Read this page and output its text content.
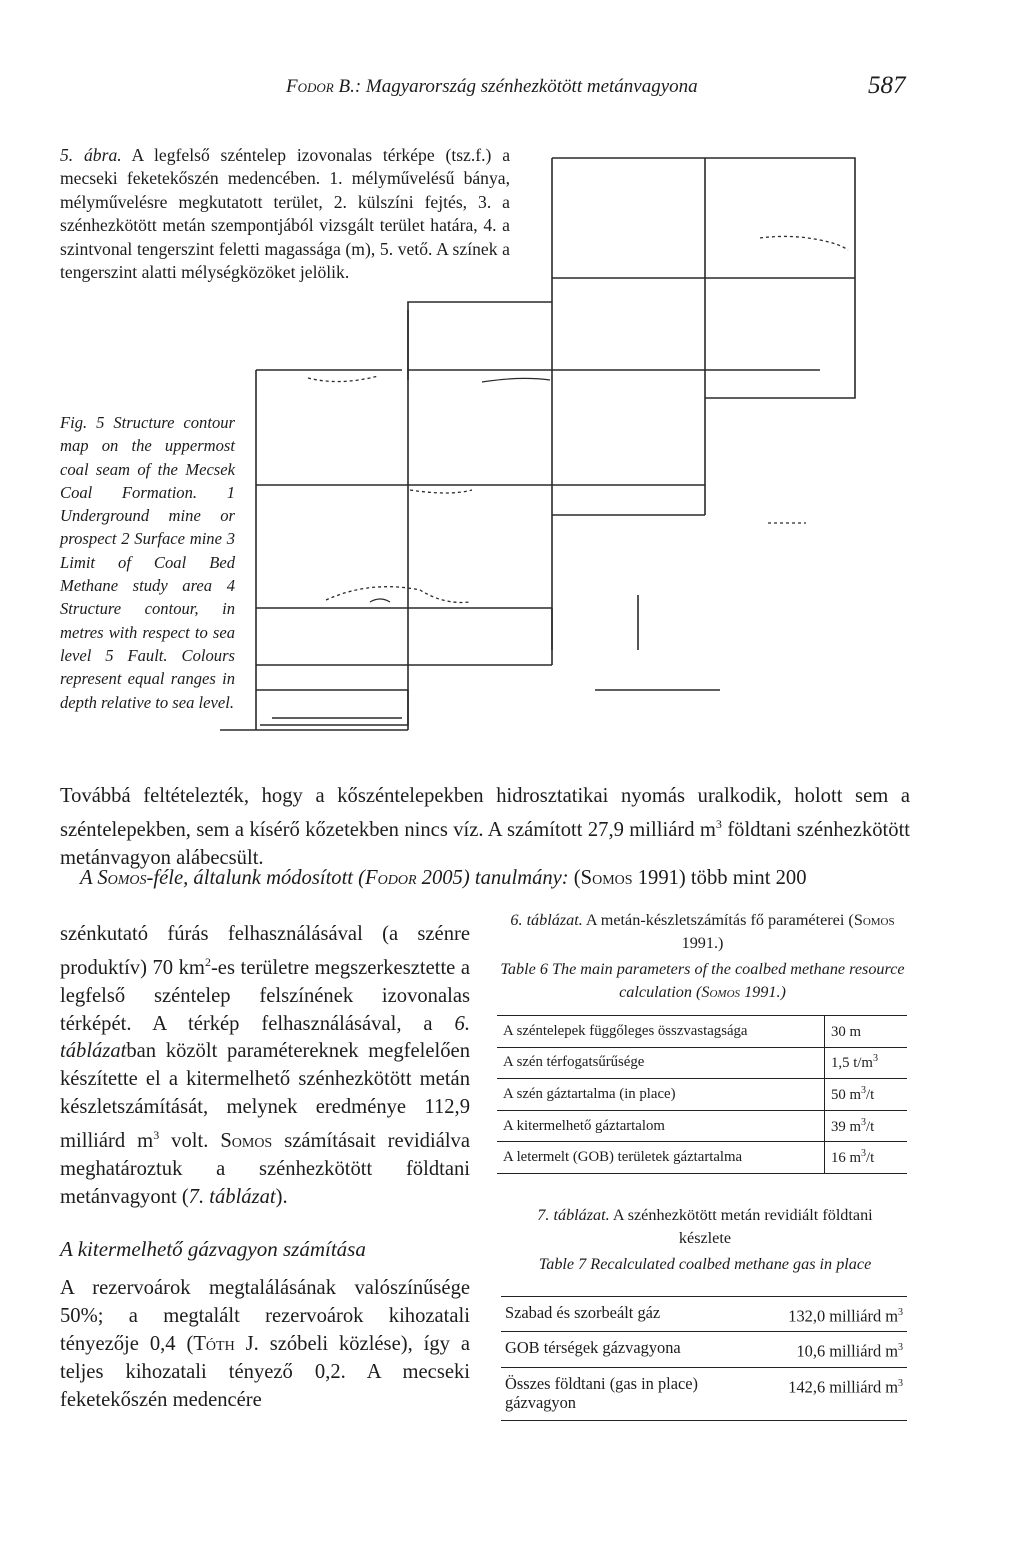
Fodor B.: Magyarország szénhezkötött metánvagyona	587

5. ábra. A legfelső széntelep izovonalas térképe (tsz.f.) a mecseki feketekőszén medencében. 1. mélyművelésű bánya, mélyművelésre megkutatott terület, 2. külszíni fejtés, 3. a szénhezkötött metán szempontjából vizsgált terület határa, 4. a szintvonal tengerszint feletti magassága (m), 5. vető. A színek a tengerszint alatti mélységközöket jelölik.

Fig. 5 Structure contour map on the uppermost coal seam of the Mecsek Coal Formation. 1 Underground mine or prospect 2 Surface mine 3 Limit of Coal Bed Methane study area 4 Structure contour, in metres with respect to sea level 5 Fault. Colours represent equal ranges in depth relative to sea level.

Továbbá feltételezték, hogy a kőszéntelepekben hidrosztatikai nyomás uralkodik, holott sem a széntelepekben, sem a kísérő kőzetekben nincs víz. A számított 27,9 milliárd $m^3$ földtani szénhezkötött metánvagyon alábecsült.

A Somos-féle, általunk módosított (Fodor 2005) tanulmány: (Somos 1991) több mint 200

szénkutató fúrás felhasználásával (a szénre produktív) 70 $km^2-es$ területre megszerkesztette a legfelső széntelep felszínének izovonalas térképét. A térkép felhasználásával, a 6. táblázatban közölt paramétereknek megfelelően készítette el a kitermelhető szénhezkötött metán készletszámítását, melynek eredménye 112,9 milliárd $m^3$ volt. Somos számításait revidiálva meghatároztuk a szénhezkötött földtani metánvagyont (7. táblázat).

A kitermelhető gázvagyon számítása

A rezervoárok megtalálásának valószínűsége 50%; a megtalált rezervoárok kihozatali tényezője 0,4 (Tóth J. szóbeli közlése), így a teljes kihozatali tényező 0,2. A mecseki feketekőszén medencére

6. táblázat. A metán-készletszámítás fő paraméterei (Somos 1991.)
Table 6 The main parameters of the coalbed methane resource calculation (Somos 1991.)
A széntelepek függőleges összvastagsága	30 m
A szén térfogatsűrűsége	1,5 $t/m^3$
A szén gáztartalma (in place)	50 $m^3/t$
A kitermelhető gáztartalom	39 $m^3/t$
A letermelt (GOB) területek gáztartalma	16 $m^3/t$
7. táblázat. A szénhezkötött metán revidiált földtani készlete
Table 7 Recalculated coalbed methane gas in place
Szabad és szorbeált gáz	132,0 milliárd $m^3$
GOB térségek gázvagyona	10,6 milliárd $m^3$
Összes földtani (gas in place) gázvagyon	142,6 milliárd $m^3$
